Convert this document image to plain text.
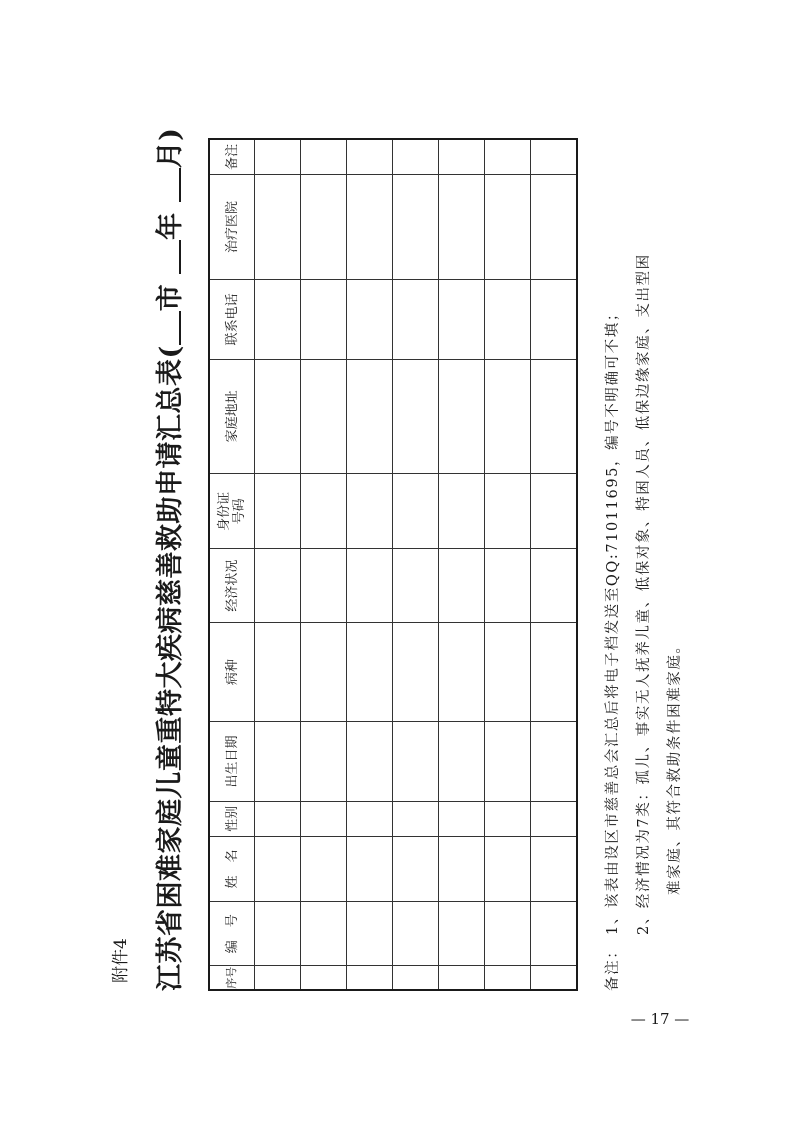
附件4 江苏省困难家庭儿童重特大疾病慈善救助申请汇总表(市 年 月)
序号	编　号	姓　名	性别	出生日期	病种	经济状况	身份证号码	家庭地址	联系电话	治疗医院	备注

备注：1、该表由设区市慈善总会汇总后将电子档发送至QQ:71011695，编号不明确可不填；	2、经济情况为7类：孤儿、事实无人抚养儿童、低保对象、特困人员、低保边缘家庭、支出型困	难家庭、其符合救助条件困难家庭。
— 17 —
